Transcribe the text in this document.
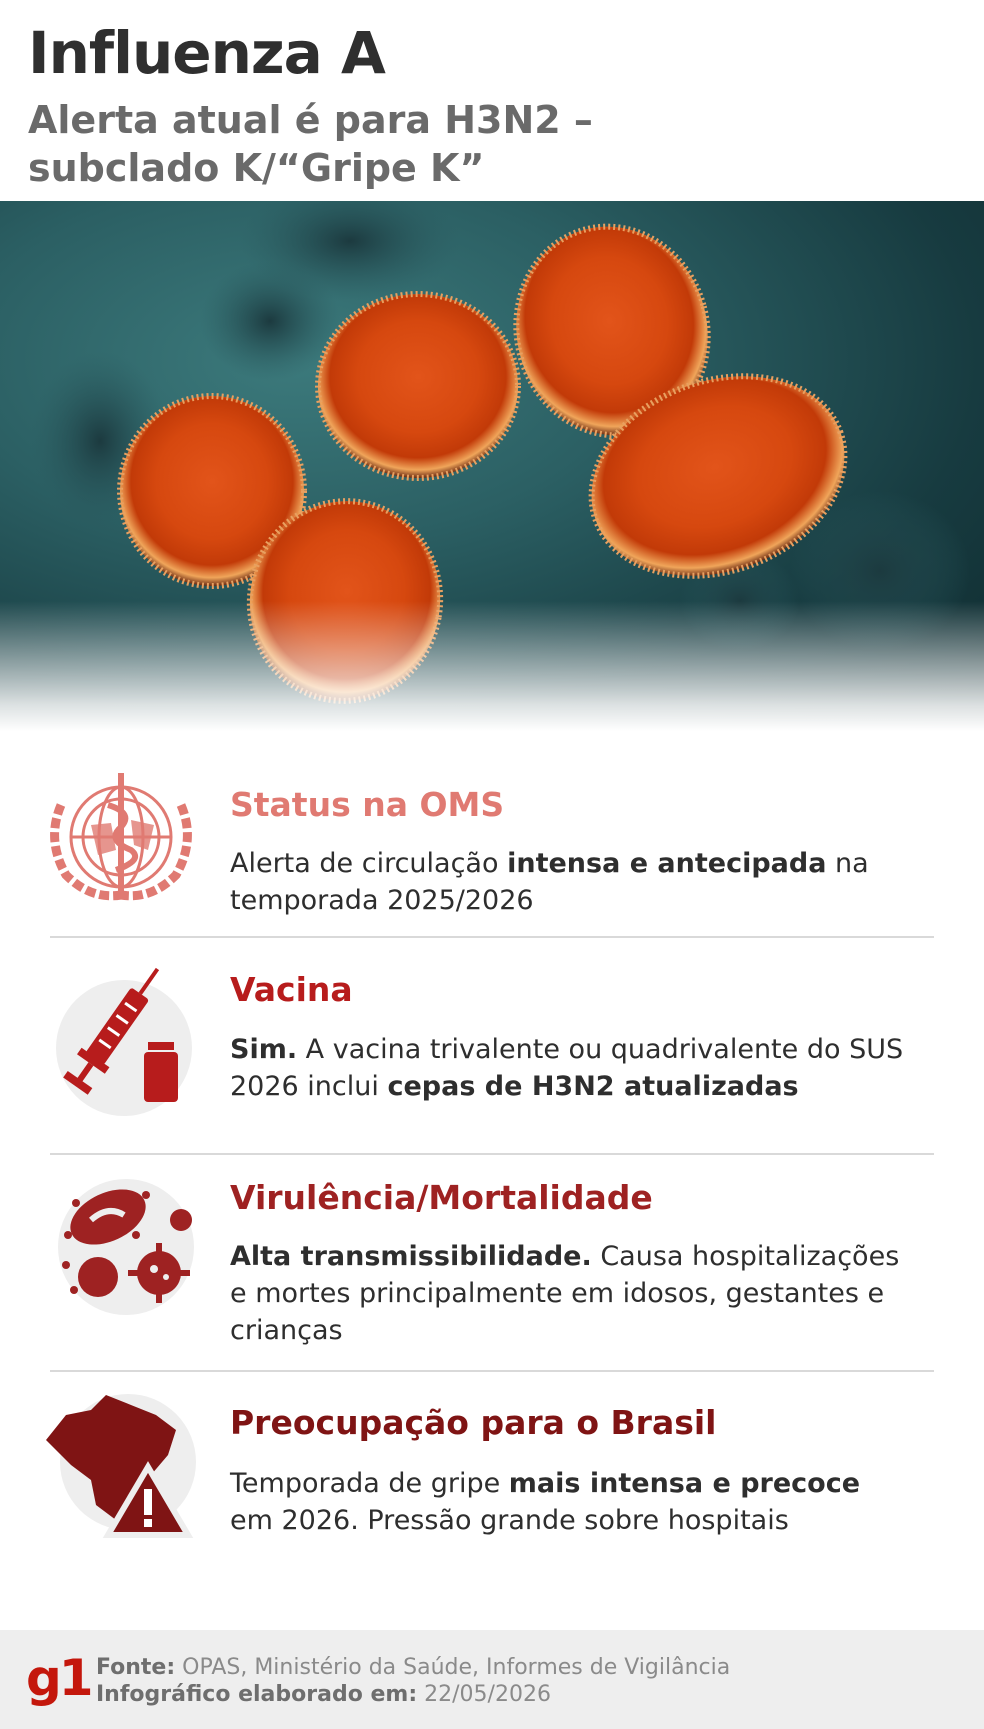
Influenza A
Alerta atual é para H3N2 – subclado K/“Gripe K”
Status na OMS

Alerta de circulação intensa e antecipada na temporada 2025/2026

Vacina

Sim. A vacina trivalente ou quadrivalente do SUS 2026 inclui cepas de H3N2 atualizadas

Virulência/Mortalidade

Alta transmissibilidade. Causa hospitalizações e mortes principalmente em idosos, gestantes e crianças

Preocupação para o Brasil

Temporada de gripe mais intensa e precoce em 2026. Pressão grande sobre hospitais

g1 Fonte: OPAS, Ministério da Saúde, Informes de Vigilância
Infográfico elaborado em: 22/05/2026
